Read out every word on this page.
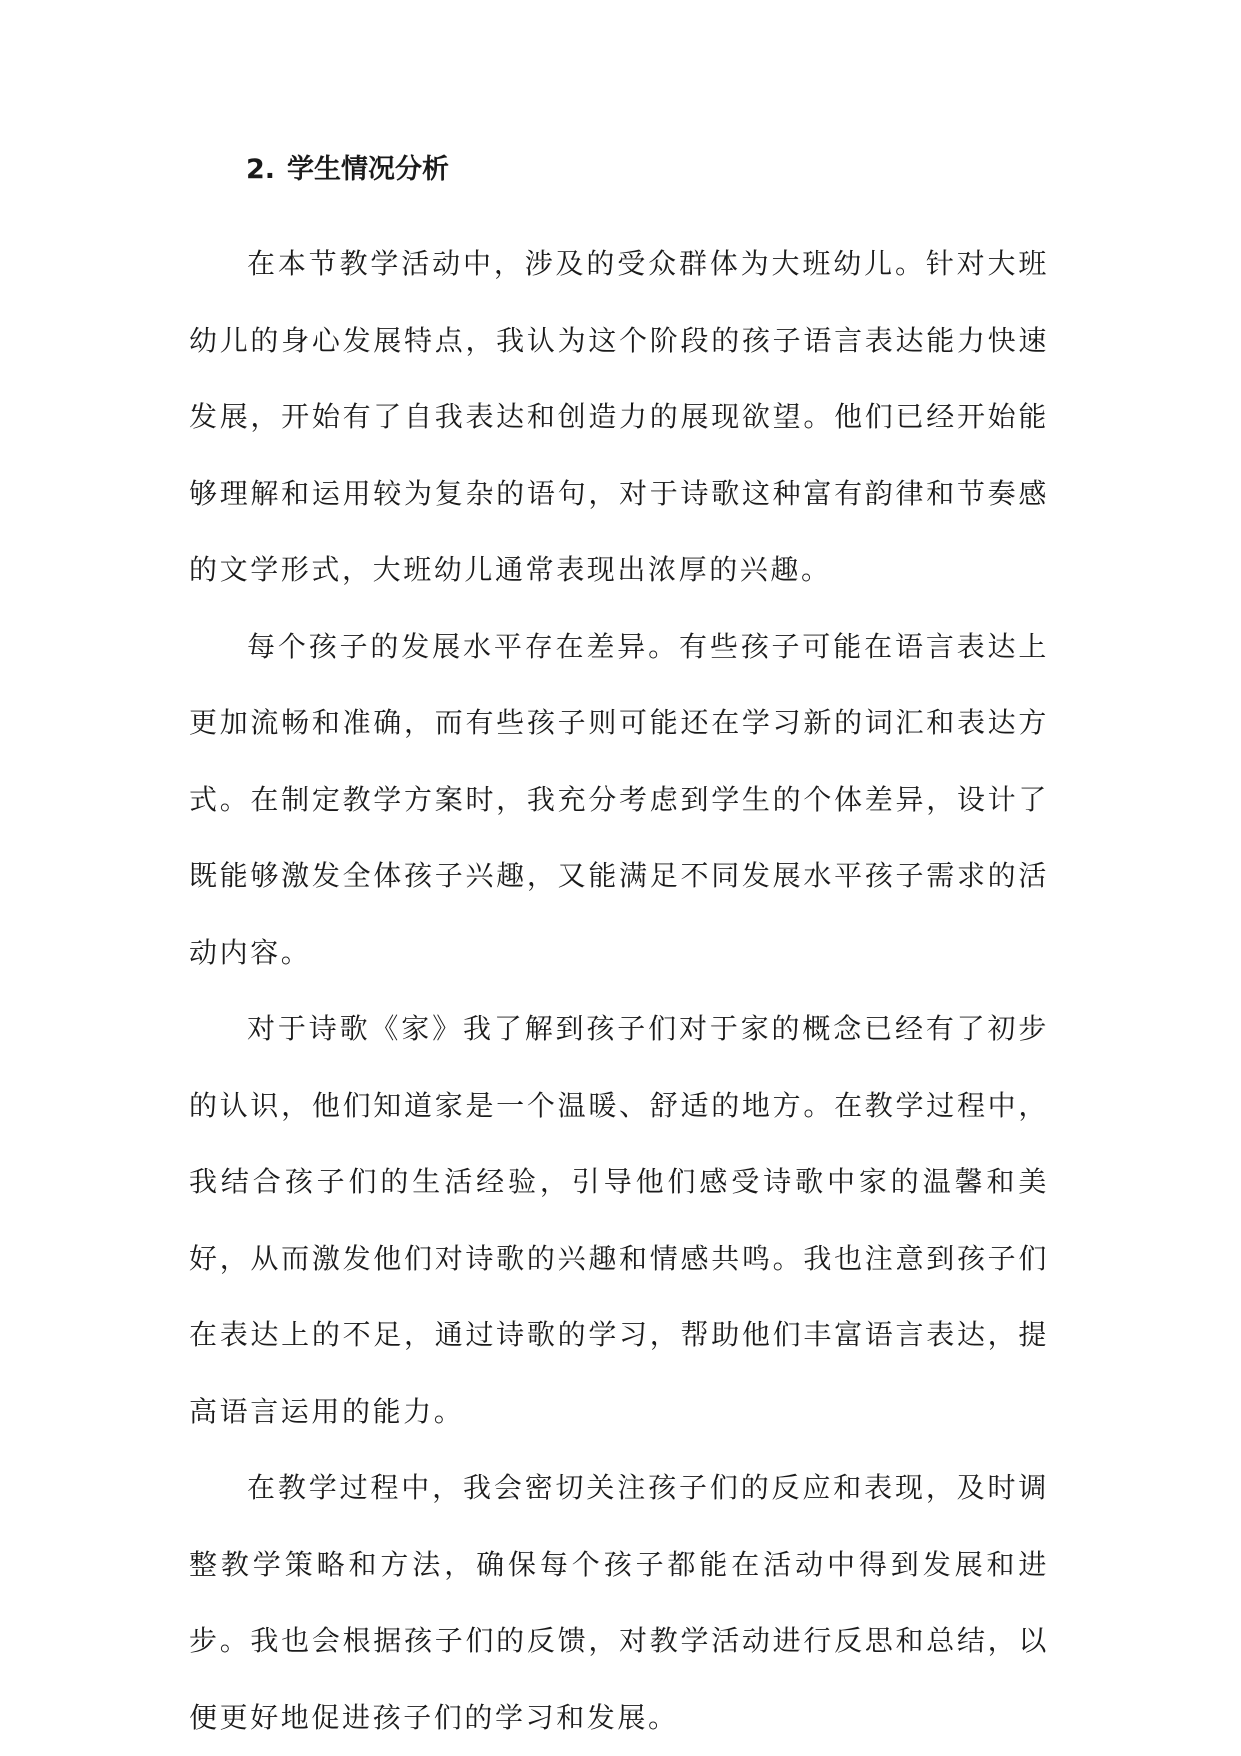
2. 学生情况分析

在本节教学活动中，涉及的受众群体为大班幼儿。针对大班幼儿的身心发展特点，我认为这个阶段的孩子语言表达能力快速发展，开始有了自我表达和创造力的展现欲望。他们已经开始能够理解和运用较为复杂的语句，对于诗歌这种富有韵律和节奏感的文学形式，大班幼儿通常表现出浓厚的兴趣。

每个孩子的发展水平存在差异。有些孩子可能在语言表达上更加流畅和准确，而有些孩子则可能还在学习新的词汇和表达方式。在制定教学方案时，我充分考虑到学生的个体差异，设计了既能够激发全体孩子兴趣，又能满足不同发展水平孩子需求的活动内容。

对于诗歌《家》我了解到孩子们对于家的概念已经有了初步的认识，他们知道家是一个温暖、舒适的地方。在教学过程中，我结合孩子们的生活经验，引导他们感受诗歌中家的温馨和美好，从而激发他们对诗歌的兴趣和情感共鸣。我也注意到孩子们在表达上的不足，通过诗歌的学习，帮助他们丰富语言表达，提高语言运用的能力。

在教学过程中，我会密切关注孩子们的反应和表现，及时调整教学策略和方法，确保每个孩子都能在活动中得到发展和进步。我也会根据孩子们的反馈，对教学活动进行反思和总结，以便更好地促进孩子们的学习和发展。
